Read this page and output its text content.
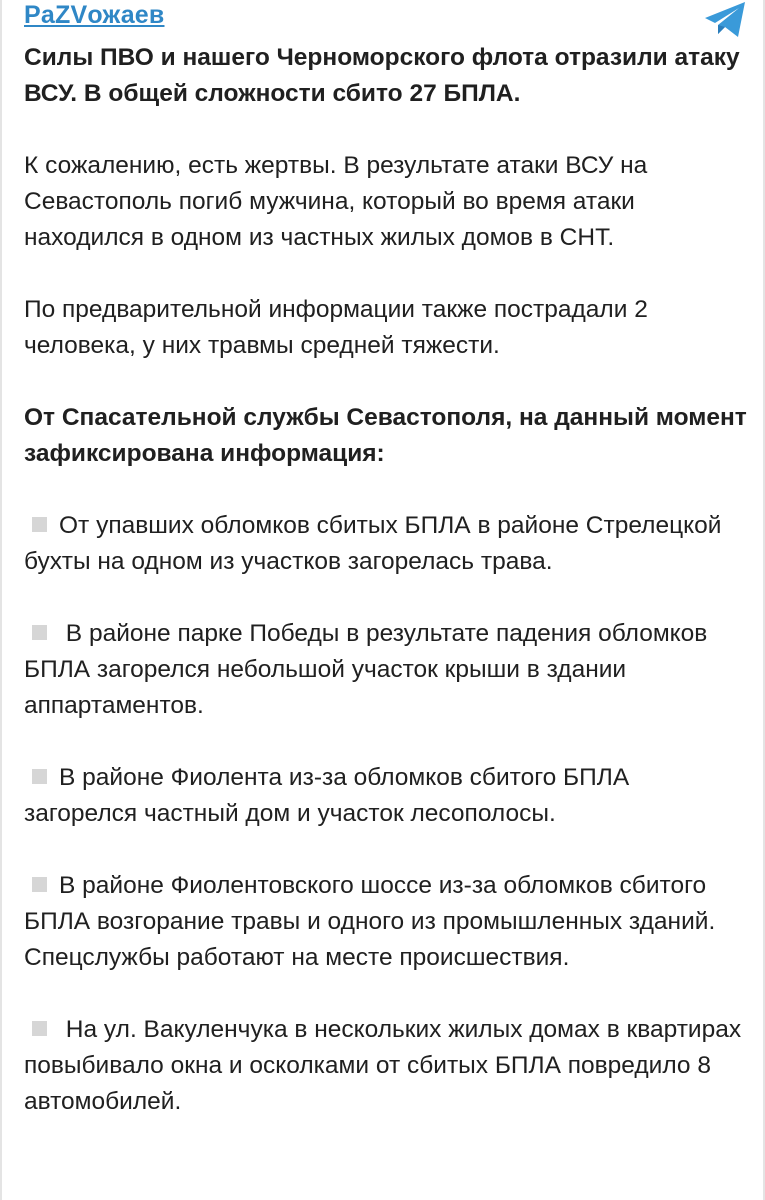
PaZVожаев

Силы ПВО и нашего Черноморского флота отразили атаку ВСУ. В общей сложности сбито 27 БПЛА.

К сожалению, есть жертвы. В результате атаки ВСУ на Севастополь погиб мужчина, который во время атаки находился в одном из частных жилых домов в СНТ.

По предварительной информации также пострадали 2 человека, у них травмы средней тяжести.

От Спасательной службы Севастополя, на данный момент зафиксирована информация:

От упавших обломков сбитых БПЛА в районе Стрелецкой бухты на одном из участков загорелась трава.

В районе парке Победы в результате падения обломков БПЛА загорелся небольшой участок крыши в здании аппартаментов.

В районе Фиолента из-за обломков сбитого БПЛА загорелся частный дом и участок лесополосы.

В районе Фиолентовского шоссе из-за обломков сбитого БПЛА возгорание травы и одного из промышленных зданий. Спецслужбы работают на месте происшествия.

На ул. Вакуленчука в нескольких жилых домах в квартирах повыбивало окна и осколками от сбитых БПЛА повредило 8 автомобилей.
